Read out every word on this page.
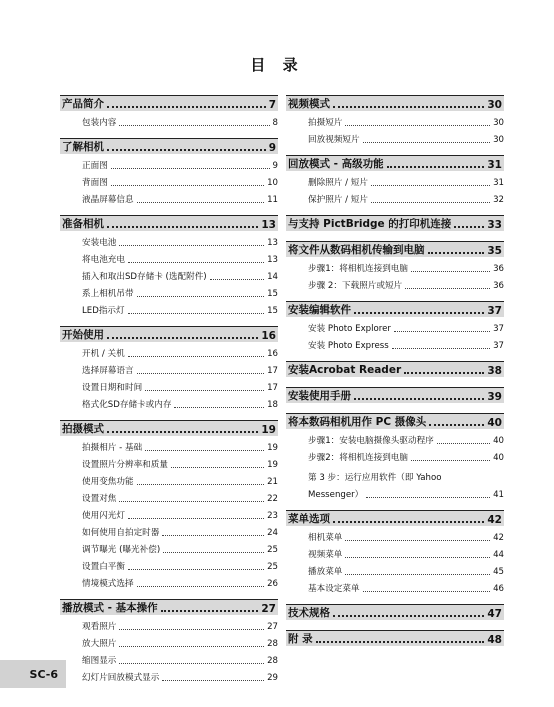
目 录
产品简介	7
包装内容	8
了解相机	9
正面图	9
背面图	10
液晶屏幕信息	11
准备相机	13
安装电池	13
将电池充电	13
插入和取出SD存储卡 (选配附件)	14
系上相机吊带	15
LED指示灯	15
开始使用	16
开机 / 关机	16
选择屏幕语言	17
设置日期和时间	17
格式化SD存储卡或内存	18
拍摄模式	19
拍摄相片 - 基础	19
设置照片分辨率和质量	19
使用变焦功能	21
设置对焦	22
使用闪光灯	23
如何使用自拍定时器	24
调节曝光 (曝光补偿)	25
设置白平衡	25
情境模式选择	26
播放模式 - 基本操作	27
观看照片	27
放大照片	28
缩图显示	28
幻灯片回放模式显示	29
视频模式	30
拍摄短片	30
回放视频短片	30
回放模式 - 高级功能	31
删除照片 / 短片	31
保护照片 / 短片	32
与支持 PictBridge 的打印机连接	33
将文件从数码相机传输到电脑	35
步骤1：将相机连接到电脑	36
步骤 2：下载照片或短片	36
安装编辑软件	37
安装 Photo Explorer	37
安装 Photo Express	37
安装Acrobat Reader	38
安装使用手册	39
将本数码相机用作 PC 摄像头	40
步骤1：安装电脑摄像头驱动程序	40
步骤2：将相机连接到电脑	40
第 3 步：运行应用软件（即 Yahoo
Messenger）	41
菜单选项	42
相机菜单	42
视频菜单	44
播放菜单	45
基本设定菜单	46
技术规格	47
附 录	48
SC-6
